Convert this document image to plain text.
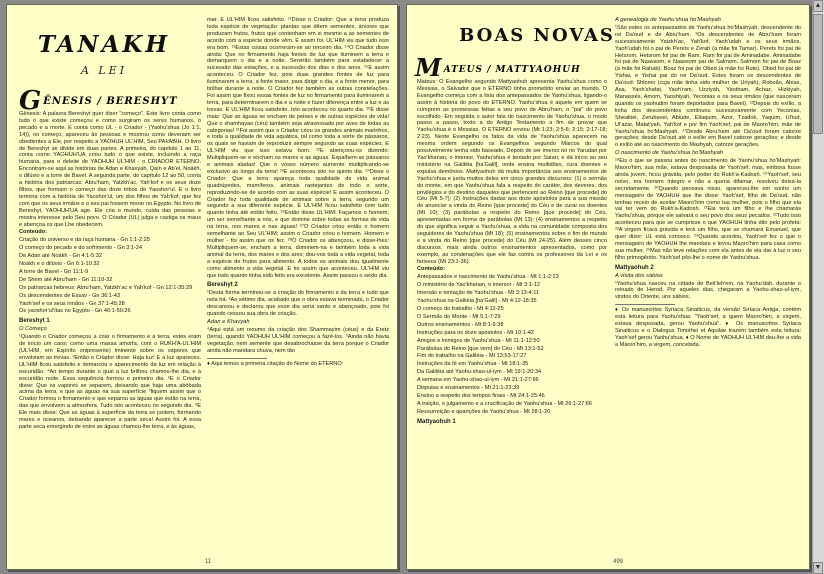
TANAKH
A LEI
G ÊNESIS / BERESHYT

Gênesis: A palavra Bereshyt quer dizer "começo". Este livro conta como tudo o que existe começou e como surgiram os seres humanos, o pecado e a morte. E conta como UL - o Criador - (Yaohu'shua (Jo 1:1, 14)), no começo, apareceu às pessoas e mostrou como deveriam ser obedientes a Ele, por respeito a YAOHUH UL'HIM, Seu PAI/ABIH. O livro de Bereshyt se divide em duas partes. A primeira, do capítulo 1 ao 11, conta como YAOHUH'UA criou tudo o que existe, incluindo a raça humana, para o deleite de YAOHUH UL'HIM - o CRIADOR ETERNO. Encontram-se aqui as histórias de Adan e Khavyah, Qaín e Ab'el, Noákh, o dilúvio e a torre de Bavel. A segunda parte, do capítulo 12 ao 50, conta a história dos patriarcas: Abru'ham, Yatzkh'ac, Yah'kof e os seus doze filhos, que formam o começo das doze tribos de Yaoshor'ul. E o livro termina com a história de Yaoshor'ul, um dos filhos de Yah'kof, que fez com que os seus irmãos e o seu pai fossem morar no Egypto. No livro de Bereshyt, YAOHUH'UA age. Ele cria o mundo, cuida das pessoas e mostra interesse pelo Seu povo. O Criador (UL) julga e castiga os maus e abençoa os que Lhe obedecem.

Conteúdo:

Criação do universo e da raça humana - Gn 1:1-2:25

O começo do pecado e do sofrimento - Gn 3:1-24

De Adan até Noákh - Gn 4:1-5:32

Noákh e o dilúvio - Gn 6:1-10:32

A torre de Bavel - Gn 11:1-9

De Shem até Abru'ham - Gn 11:10-32

Os patriarcas hebreus: Abru'ham, Yatzkh'ac e Yah'kof - Gn 12:1-35:29

Os descendentes de Essav - Gn 36:1-43

Yaoh'sef e os seus irmãos - Gn 37:1-45:28

Os yaoshor'ul'ítas no Egypto - Gn 46:1-50:26

Bereshyt 1

O Começo

¹Quando o Criador começou a criar o firmamento e a terra, estes eram de início um caos; como uma massa amorfa, com o RUKH'A-UL'HIM (UL'HIM, em Espírito onipresente) iminente sobre os vapores que envolviam as trevas. ³Então o Criador disse: Haja luz! E a luz apareceu. UL'HIM ficou satisfeito e demarcou o aparecimento da luz em relação à escuridão. ⁴Ao tempo durante o qual a luz brilhou chamou-lhe dia, e à escuridão noite. Essa sequência formou o primeiro dia. ⁶E o Criador disse: Que os vapores se separem, deixando que haja uma abóbada acima da terra, e que as águas na sua superfície ⁷fiquem assim que o Criador formou o firmamento e que separou as águas que estão na terra, das que envolvem a atmosfera. Tudo isto aconteceu no segundo dia. ⁹E Ele mais disse: Que as águas à superfície da terra se juntem, formando mares e oceanos, deixando aparecer a parte seca! Assim foi. A essa parte seca emergindo de entre as águas chamou-lhe terra, e às águas,

mar. E UL'HIM ficou satisfeito. ¹¹Disse o Criador: Que a terra produza toda espécie de vegetação: plantas que dêem sementes, árvores que produzam frutos, frutos que contenham em si mesmo a as sementes de acordo com a espécie donde vêm. E assim foi. UL'HIM viu que tudo isso era bom. ¹³Estas coisas ocorreram-se ao terceiro dia. ¹⁴O Criador disse ainda: Que no firmamento haja fontes de luz que iluminem a terra e demarquem o dia e a noite. Servirão também para estabelecer a sucessão das estações, e a sucessão dos dias e dos anos. ¹⁵E assim aconteceu. O Criador fez, pois duas grandes fontes de luz para iluminarem a terra; a fonte maior, para dirigir o dia, e a fonte menor, para brilhar durante a noite. O Criador fez também as outras constelações. Foi assim que fixou essas fontes de luz no firmamento para iluminarem a terra, para determinarem o dia e a noite e fazer diferença entre a luz e as trevas. E UL'HIM ficou satisfeito. Isto aconteceu no quarto dia. ²⁰E disse mais: Que as águas se encham de peixes e de outras espécies de vida! Que o shamhayao (céu) também seja atravessado por aves de todas as categorias! ²¹Foi assim que o Criador criou os grandes animais marinhos, e toda a qualidade de vida aquática, tal como toda a sorte de pássaros, os quais se haviam de reproduzir sempre segundo as suas espécies. E UL'HIM viu que isso estava bom. ²²E abençoou-os dizendo: Multipliquem-se e encham os mares e as águas. Espalhem-se pássaros e animais aladas! Que o vosso número aumente multiplicando-se exclusivo ao longo da terra! ²³E aconteceu isto no quinto dia. ²⁴Disse o Criador: Que a terra apareça toda qualidade de vida animal quadrúpedes, mamíferos, animais rastejantes de todo o sorte, reproduzindo-se de acordo com as suas espécie! E assim aconteceu. O Criador fez toda qualidade de animais sobre a terra, segundo um segundo a sua diferente espécie. E UL'HIM ficou satisfeito com tudo quanto tinha até então feito. ²⁶Então disse UL'HIM: Façamos o homem, um ser semelhante a nós, e que domine sobre todas as formas de vida na terra, nos mares e nas águas! ²⁷O Criador criou então o homem semelhante ao Seu UL'HIM; assim o Criador criou o homem. Homem e mulher - foi assim que os fez. ²⁸O Criador os abençoou, e disse-lhes: Multipliquem-se, encham a terra, dominem-na e também toda a vida animal da terra, dos mares e dos ares; dou-vos toda a vida vegetal, toda a espécie de frutos para alimento. A todos os animais dou igualmente como alimento a vida vegetal. E foi assim que aconteceu. UL'HIM viu que tudo quanto tinha sido feito era excelente. Assim passou o sexto dia.

Bereshyt 2

¹Desta forma terminou-se a criação do firmamento e da terra e tudo que nela há. ²Ao sétimo dia, acabado que o obra estava terminada, o Criador descansou e declarou que esse dia seria santo e abençoado, pois foi quando cessou sua obra de criação.

Adan e Khavyah

⁴Aqui está um resumo da criação dos Shammayim (céus) e da Eretz (terra), quando YAOHUH UL'HIM começou a fazê-los. ⁵Ainda não havia vegetação, nem semente que desabrochasse da terra porque o Criador ainda não mandara chuva, nem tão

♦ Aqui temos a primeira citação do Nome do ETERNO:

11
BOAS NOVAS
M ATEUS / MATTYAOHUH

Mateus: O Evangelho segundo Mattyaohuh apresenta Yaohu'shua como o Messias, o Salvador que o ETERNO tinha prometido enviar ao mundo. O Evangelho começa com a lista dos antepassados de Yaohu'shua, ligando-o assim à história do povo do ETERNO. Yaohu'shua é aquele em quem se cumprem as promessas feitas a seu povo de Abru'ham, o "pai" do povo escolhido. Em seguida o autor fala do nascimento de Yaohu'shua, o modo passo a passo, texto a do Antigo Testamento a fim de provar que Yaohu'shua é o Messias. O ETERNO enviou (Mt 1:23; 2:5-6; 2:15; 2:17-18; 2:23). Neste Evangelho os fatos da vida de Yaohu'shua aparecem na mesma ordem segundo os Evangelhos segundo Marcos do qual possivelmente tenha sido baseado. Depois de ser imerso no rio Yarudan por Yao'khanan, o imersor, Yaohu'shua é tentado por Satan; e dá início ao seu ministério na Galiléia [ha'Galil], onde ensina multidões, cura doentes e expulsa demônios. Mattyaohuh dá muita importância aos ensinamentos de Yaohu'shua e junta muitos deles em cinco grandes discursos: (1) o sermão do monte, em que Yaohu'shua fala a respeito do caráter, dos deveres, dos privilégios e do destino daqueles que pertencem ao Reino [que procede] do Céu (Mt 5-7); (2) Instruções dadas aos doze apóstolos para a sua missão de anunciar a vinda do Reino [que procede] do Céu e de curar os doentes (Mt 10); (3) parábolas a respeito do Reino [que procede] do Céu, apresentadas em forma de parábolas (Mt 13); (4) ensinamentos a respeito do que significa seguir a Yaohu'shua, a vida na comunidade composta dos seguidores de Yaohu'shua (Mt 18); (5) ensinamentos sobre o fim do mundo e a vinda do Reino [que procede] do Céu (Mt 24-25). Além desses cinco discursos, mais ainda outros ensinamentos apresentados, como por exemplo, as condenações que ele faz contra os professores da Lei e os fariseus (Mt 23:1-36).

Conteúdo:

Antepassados e nascimento de Yaohu'shua - Mt 1:1-2:23

O ministério de Yao'khanan, o imersor - Mt 3:1-12

Imersão e tentação de Yaohu'shua - Mt 3:13-4:11

Yaohu'shua na Galiléia [ha'Galil] - Mt 4:12-18:35

O começo do trabalho - Mt 4:12-25

O Sermão do Monte - Mt 5:1-7:29

Outros ensinamentos - Mt 8:1-9:38

Instruções para os doze apóstolos - Mt 10:1-42

Amigos e inimigos de Yaohu'shua - Mt 11:1-12:50

Parábolas do Reino [que vem] do Céu - Mt 13:1-52

Fim do trabalho na Galiléia - Mt 13:53-17:27

Instruções da fé em Yaohu'shua - Mt 18:1-35

Da Galiléia até Yaohu-shao-ul-iym - Mt 19:1-20:34

A semana em Yaohu-shao-ul-iym - Mt 21:1-27:66

Disputas e ensinamentos - Mt 21:1-23:39

Ensino a respeito dos tempos finais - Mt 24:1-25:46

A traição, o julgamento e a crucificação de Yaohu'shua - Mt 26:1-27:66

Ressurreição e aparições de Yaohu'shua - Mt 28:1-20

Mattyaohuh 1

A genealogia de Yaohu'shua ho'Mashyah

¹São estes os antepassados de Yaohu'shua ho'Mashyah, descendente do rei Da'oud e de Abru'ham. ²Os descendentes de Abru'ham foram sucessivamente Yatzkh'ac, Yah'kof, Yaoh'udah e os seus irmãos. Yaoh'udah foi o pai de Perets e Zerah (a mãe foi Tamar). Perets foi pai de Hetsrom. Hetsrom foi pai de Ram. Ram foi pai de Aminadabe. Aminadabe foi pai de Naassom, e Naassom pai de Salmom. Salmom foi pai de Boaz (a mãe foi Rahab). Boaz foi pai de Obed (a mãe foi Rute). Obed foi pai de Yishai, e Yishai pai do rei Da'oud. Estes foram os descendentes de Da'oud: Shlomo (cuja mãe tinha sido mulher de Uriyah), Roboão, Abias, Asa, Yaoh'shafat, Yaoh'ram, Uzziyah, Yaotham, Achaz, Hizkiyah, Manassés, Amom, Yaoshiyah, Yeconias e os seus irmãos (que nasceram quando os yaohudim foram deportados para Bavel). ¹²Depois do exílio, a linha dos descendentes continuou sucessivamente com Yeconias, Shealtiel, Zerubavel, Abiúde, Eliaquim, Azor, Tzadok, Yaquim, Ul'iud, Ul'azar, Matat'yah, Yah'kof e por fim Yaoh'sef, pai de Maoro'him, mãe de Yaohu'shua ho'Mashyah. ¹⁷Desde Abru'ham até Da'oud foram catorze gerações; desde Da'oud até o exílio em Bavel catorze gerações; e desde o exílio até ao nascimento do Mashyah, catorze gerações.

O nascimento de Yaohu'shua ho'Mashyah

¹⁸Eis o que se passou antes do nascimento de Yaohu'shua ho'Mashyah: Maoro'him, sua mãe, estava desposada de Yaoh'sef, mas, embora fosse ainda jovem, ficou grávida, pelo poder do Rukh'a-Kadosh. ¹⁹Yaoh'sef, seu noivo, era homem íntegro e não a queria difamar, resolveu deixá-la secretamente. ²⁰Quando pensava nisso, apareceu-lhe em sonho um mensageiro de YAOHUH que lhe disse: Yaoh'sef, filho de Da'oud, não tenhas receio de aceitar Maoro'him como tua mulher, pois o filho que ela vai ter vem do Rukh'a-Kadosh. ²¹Ela terá um filho e lhe chamarás Yaohu'shua, porque ele salvará o seu povo dos seus pecados. ²²Tudo isso aconteceu para que se cumprisse o que YAOHUH tinha dito pelo profeta: ²³A virgem ficará grávida e terá um filho, que se chamará Emanuel, que quer dizer: UL está conosco. ²⁴Quando acordou, Yaoh'sef fez o que o mensageiro de YAOHUH lhe mandara e levou Maoro'him para casa como sua mulher. ²⁵Mas não teve relações com ela antes de ela dar à luz o seu filho primogênito. Yaoh'sef pôs-lhe o nome de Yaohu'shua.

Mattyaohuh 2

A visita dos sábios

¹Yaohu'shua nasceu na cidade de Beit'leh'em, na Yaohu'dah, durante o reinado de Herod. Por aqueles dias, chegaram a Yaohu-shao-ul-iym, vindos do Oriente, uns sábios.

♦ Os manuscritos Syriaca Sinaiticus, da versão Siríaca Antiga, contém esta leitura para Yaohu'shua: "Yaoh'sef, a quem Maoro'him, a virgem, estava desposada, gerou Yaohu'shua". ♦ Os manuscritos Syriaca Sinaiticus e o Dialogus Timothei et Aquilae trazem também esta leitura: Yaoh'sef gerou Yaohu'shua. ♦ O Nome de YAOHUH UL'HIM deu-lhe a vida a Maoro'him, a virgem, concebida.

499
▲
▼
